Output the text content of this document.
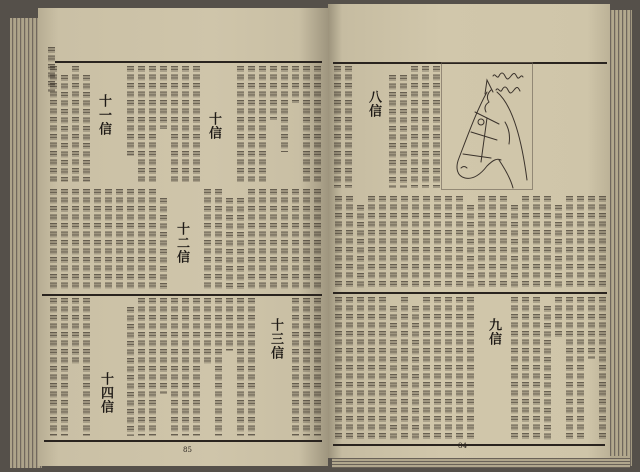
十信
十一信
十二信
十三信
十四信
八信
九信
85	84
